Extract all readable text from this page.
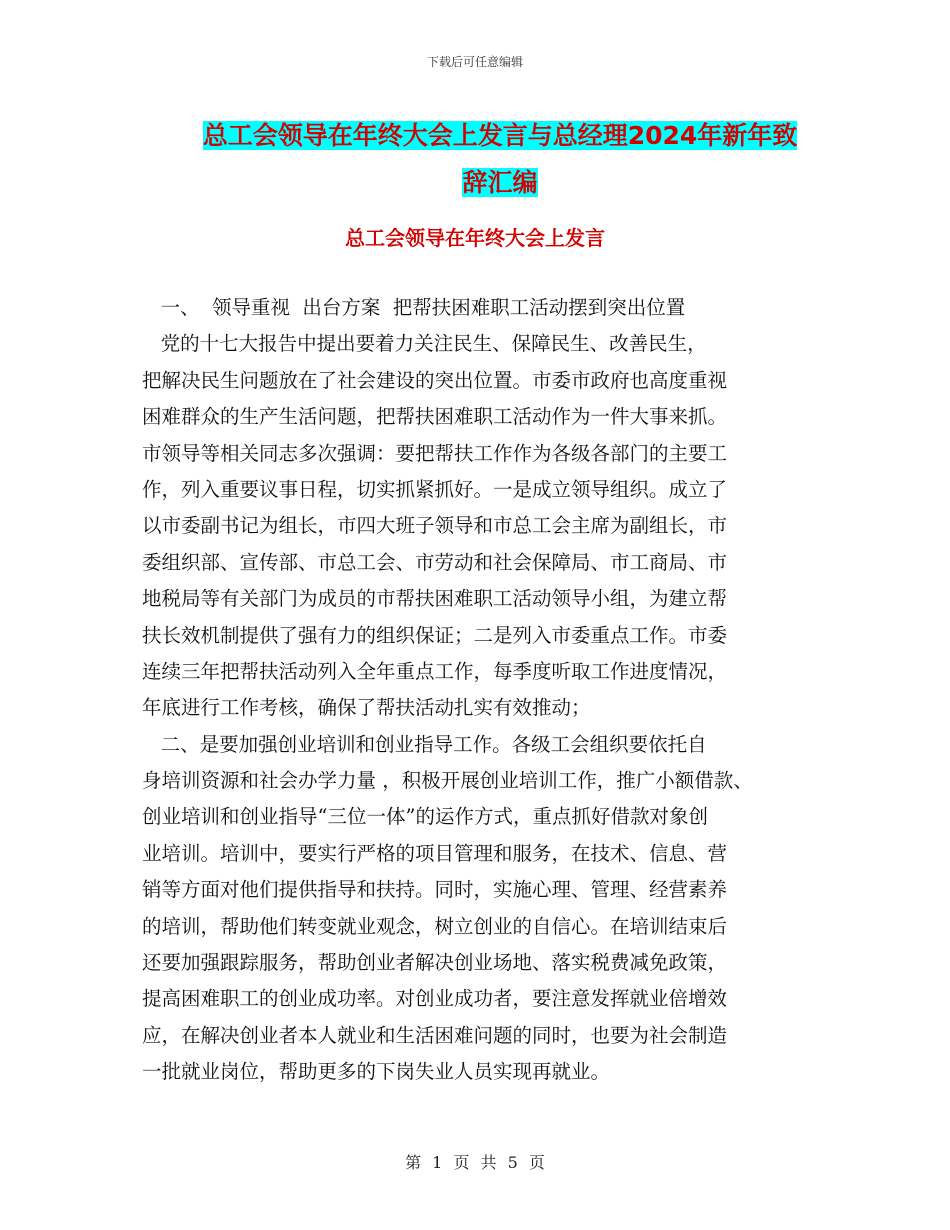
下载后可任意编辑
总工会领导在年终大会上发言与总经理2024年新年致
辞汇编
总工会领导在年终大会上发言
一、  领导重视  出台方案  把帮扶困难职工活动摆到突出位置
党的十七大报告中提出要着力关注民生、保障民生、改善民生，
把解决民生问题放在了社会建设的突出位置。市委市政府也高度重视
困难群众的生产生活问题，把帮扶困难职工活动作为一件大事来抓。
市领导等相关同志多次强调：要把帮扶工作作为各级各部门的主要工
作，列入重要议事日程，切实抓紧抓好。一是成立领导组织。成立了
以市委副书记为组长，市四大班子领导和市总工会主席为副组长，市
委组织部、宣传部、市总工会、市劳动和社会保障局、市工商局、市
地税局等有关部门为成员的市帮扶困难职工活动领导小组，为建立帮
扶长效机制提供了强有力的组织保证；二是列入市委重点工作。市委
连续三年把帮扶活动列入全年重点工作，每季度听取工作进度情况，
年底进行工作考核，确保了帮扶活动扎实有效推动；
二、是要加强创业培训和创业指导工作。各级工会组织要依托自
身培训资源和社会办学力量 ，积极开展创业培训工作，推广小额借款、
创业培训和创业指导“三位一体”的运作方式，重点抓好借款对象创
业培训。培训中，要实行严格的项目管理和服务，在技术、信息、营
销等方面对他们提供指导和扶持。同时，实施心理、管理、经营素养
的培训，帮助他们转变就业观念，树立创业的自信心。在培训结束后
还要加强跟踪服务，帮助创业者解决创业场地、落实税费减免政策，
提高困难职工的创业成功率。对创业成功者，要注意发挥就业倍增效
应，在解决创业者本人就业和生活困难问题的同时，也要为社会制造
一批就业岗位，帮助更多的下岗失业人员实现再就业。
第 1 页 共 5 页
